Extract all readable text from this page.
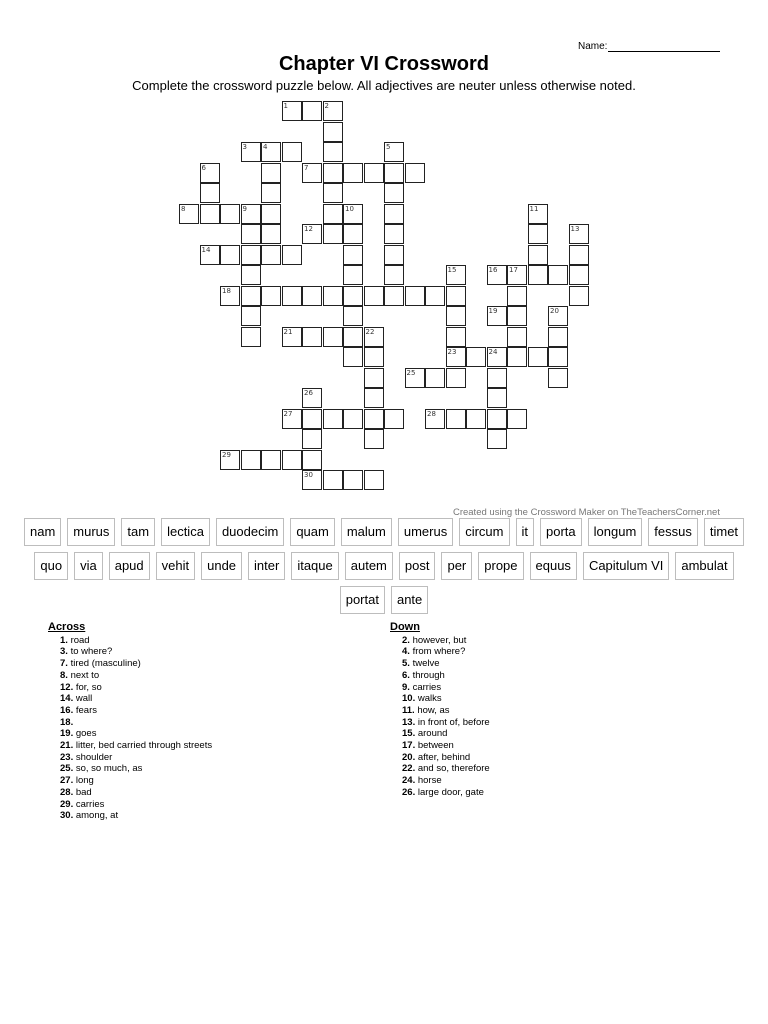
Name:
Chapter VI Crossword
Complete the crossword puzzle below. All adjectives are neuter unless otherwise noted.
1	2
3 4	5
6	7
8	9	10	11
12	13
14
15
23
16 17
18
19	20
21	22
24
25
26
27	28
29
30
Created using the Crossword Maker on TheTeachersCorner.net
nam	murus	tam	lectica	duodecim	quam	malum	umerus	circum	it	porta	longum	fessus	timet
quo	via	apud	vehit	unde	inter	itaque	autem	post	per	prope	equus	Capitulum VI	ambulat
portat	ante
Across
1. road
3. to where?
7. tired (masculine)
8. next to
12. for, so
14. wall
16. fears
18.
19. goes
21. litter, bed carried through streets
23. shoulder
25. so, so much, as
27. long
28. bad
29. carries
30. among, at
Down
2. however, but
4. from where?
5. twelve
6. through
9. carries
10. walks
11. how, as
13. in front of, before
15. around
17. between
20. after, behind
22. and so, therefore
24. horse
26. large door, gate
